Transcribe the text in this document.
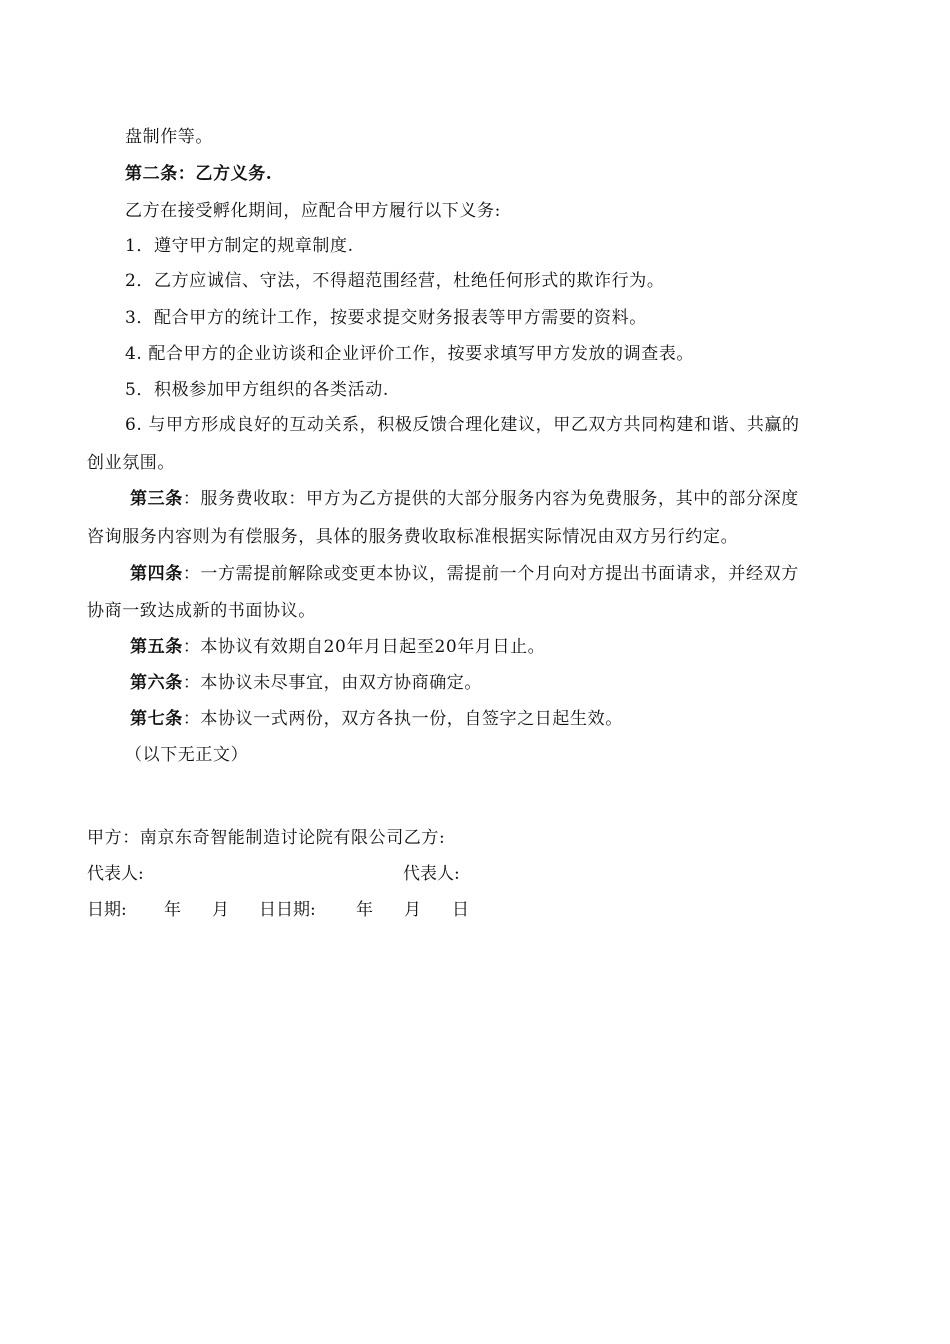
盘制作等。
第二条：乙方义务.
乙方在接受孵化期间，应配合甲方履行以下义务:
1．遵守甲方制定的规章制度.
2．乙方应诚信、守法，不得超范围经营，杜绝任何形式的欺诈行为。
3．配合甲方的统计工作，按要求提交财务报表等甲方需要的资料。
4. 配合甲方的企业访谈和企业评价工作，按要求填写甲方发放的调查表。
5．积极参加甲方组织的各类活动.
6. 与甲方形成良好的互动关系，积极反馈合理化建议，甲乙双方共同构建和谐、共赢的
创业氛围。
第三条：服务费收取：甲方为乙方提供的大部分服务内容为免费服务，其中的部分深度
咨询服务内容则为有偿服务，具体的服务费收取标准根据实际情况由双方另行约定。
第四条：一方需提前解除或变更本协议，需提前一个月向对方提出书面请求，并经双方
协商一致达成新的书面协议。
第五条：本协议有效期自20年月日起至20年月日止。
第六条：本协议未尽事宜，由双方协商确定。
第七条：本协议一式两份，双方各执一份，自签字之日起生效。
（以下无正文）
甲方：南京东奇智能制造讨论院有限公司乙方:
代表人:	代表人:
日期: 年 月 日日期: 年 月 日
